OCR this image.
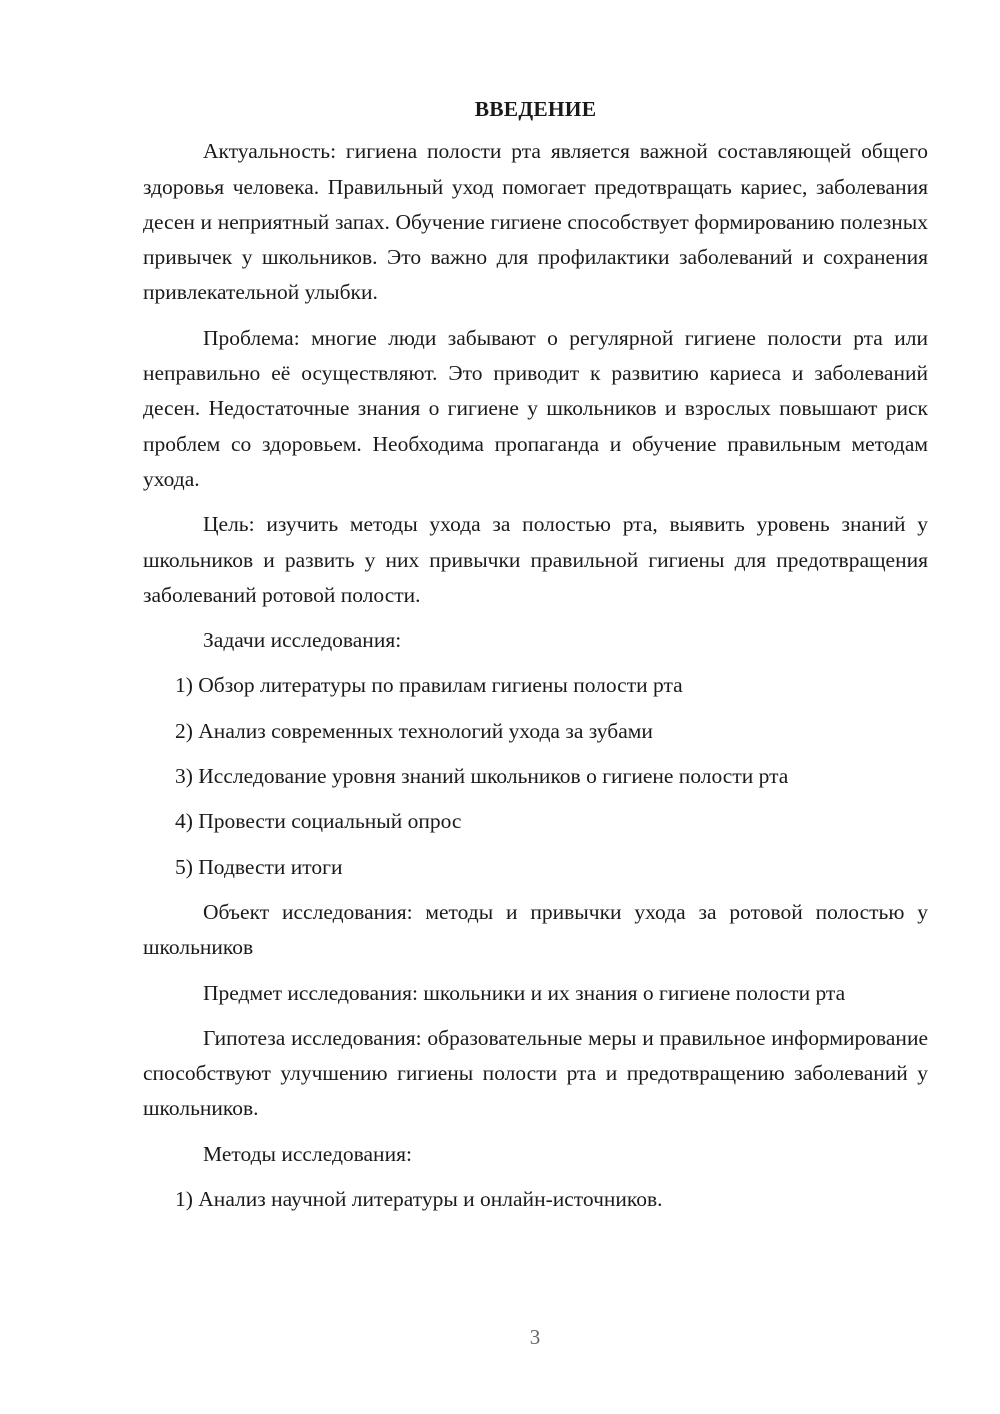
ВВЕДЕНИЕ

Актуальность: гигиена полости рта является важной составляющей общего здоровья человека. Правильный уход помогает предотвращать кариес, заболевания десен и неприятный запах. Обучение гигиене способствует формированию полезных привычек у школьников. Это важно для профилактики заболеваний и сохранения привлекательной улыбки.

Проблема: многие люди забывают о регулярной гигиене полости рта или неправильно её осуществляют. Это приводит к развитию кариеса и заболеваний десен. Недостаточные знания о гигиене у школьников и взрослых повышают риск проблем со здоровьем. Необходима пропаганда и обучение правильным методам ухода.

Цель: изучить методы ухода за полостью рта, выявить уровень знаний у школьников и развить у них привычки правильной гигиены для предотвращения заболеваний ротовой полости.

Задачи исследования:

1) Обзор литературы по правилам гигиены полости рта

2) Анализ современных технологий ухода за зубами

3) Исследование уровня знаний школьников о гигиене полости рта

4) Провести социальный опрос

5) Подвести итоги

Объект исследования: методы и привычки ухода за ротовой полостью у школьников

Предмет исследования: школьники и их знания о гигиене полости рта

Гипотеза исследования: образовательные меры и правильное информирование способствуют улучшению гигиены полости рта и предотвращению заболеваний у школьников.

Методы исследования:

1) Анализ научной литературы и онлайн-источников.

3
